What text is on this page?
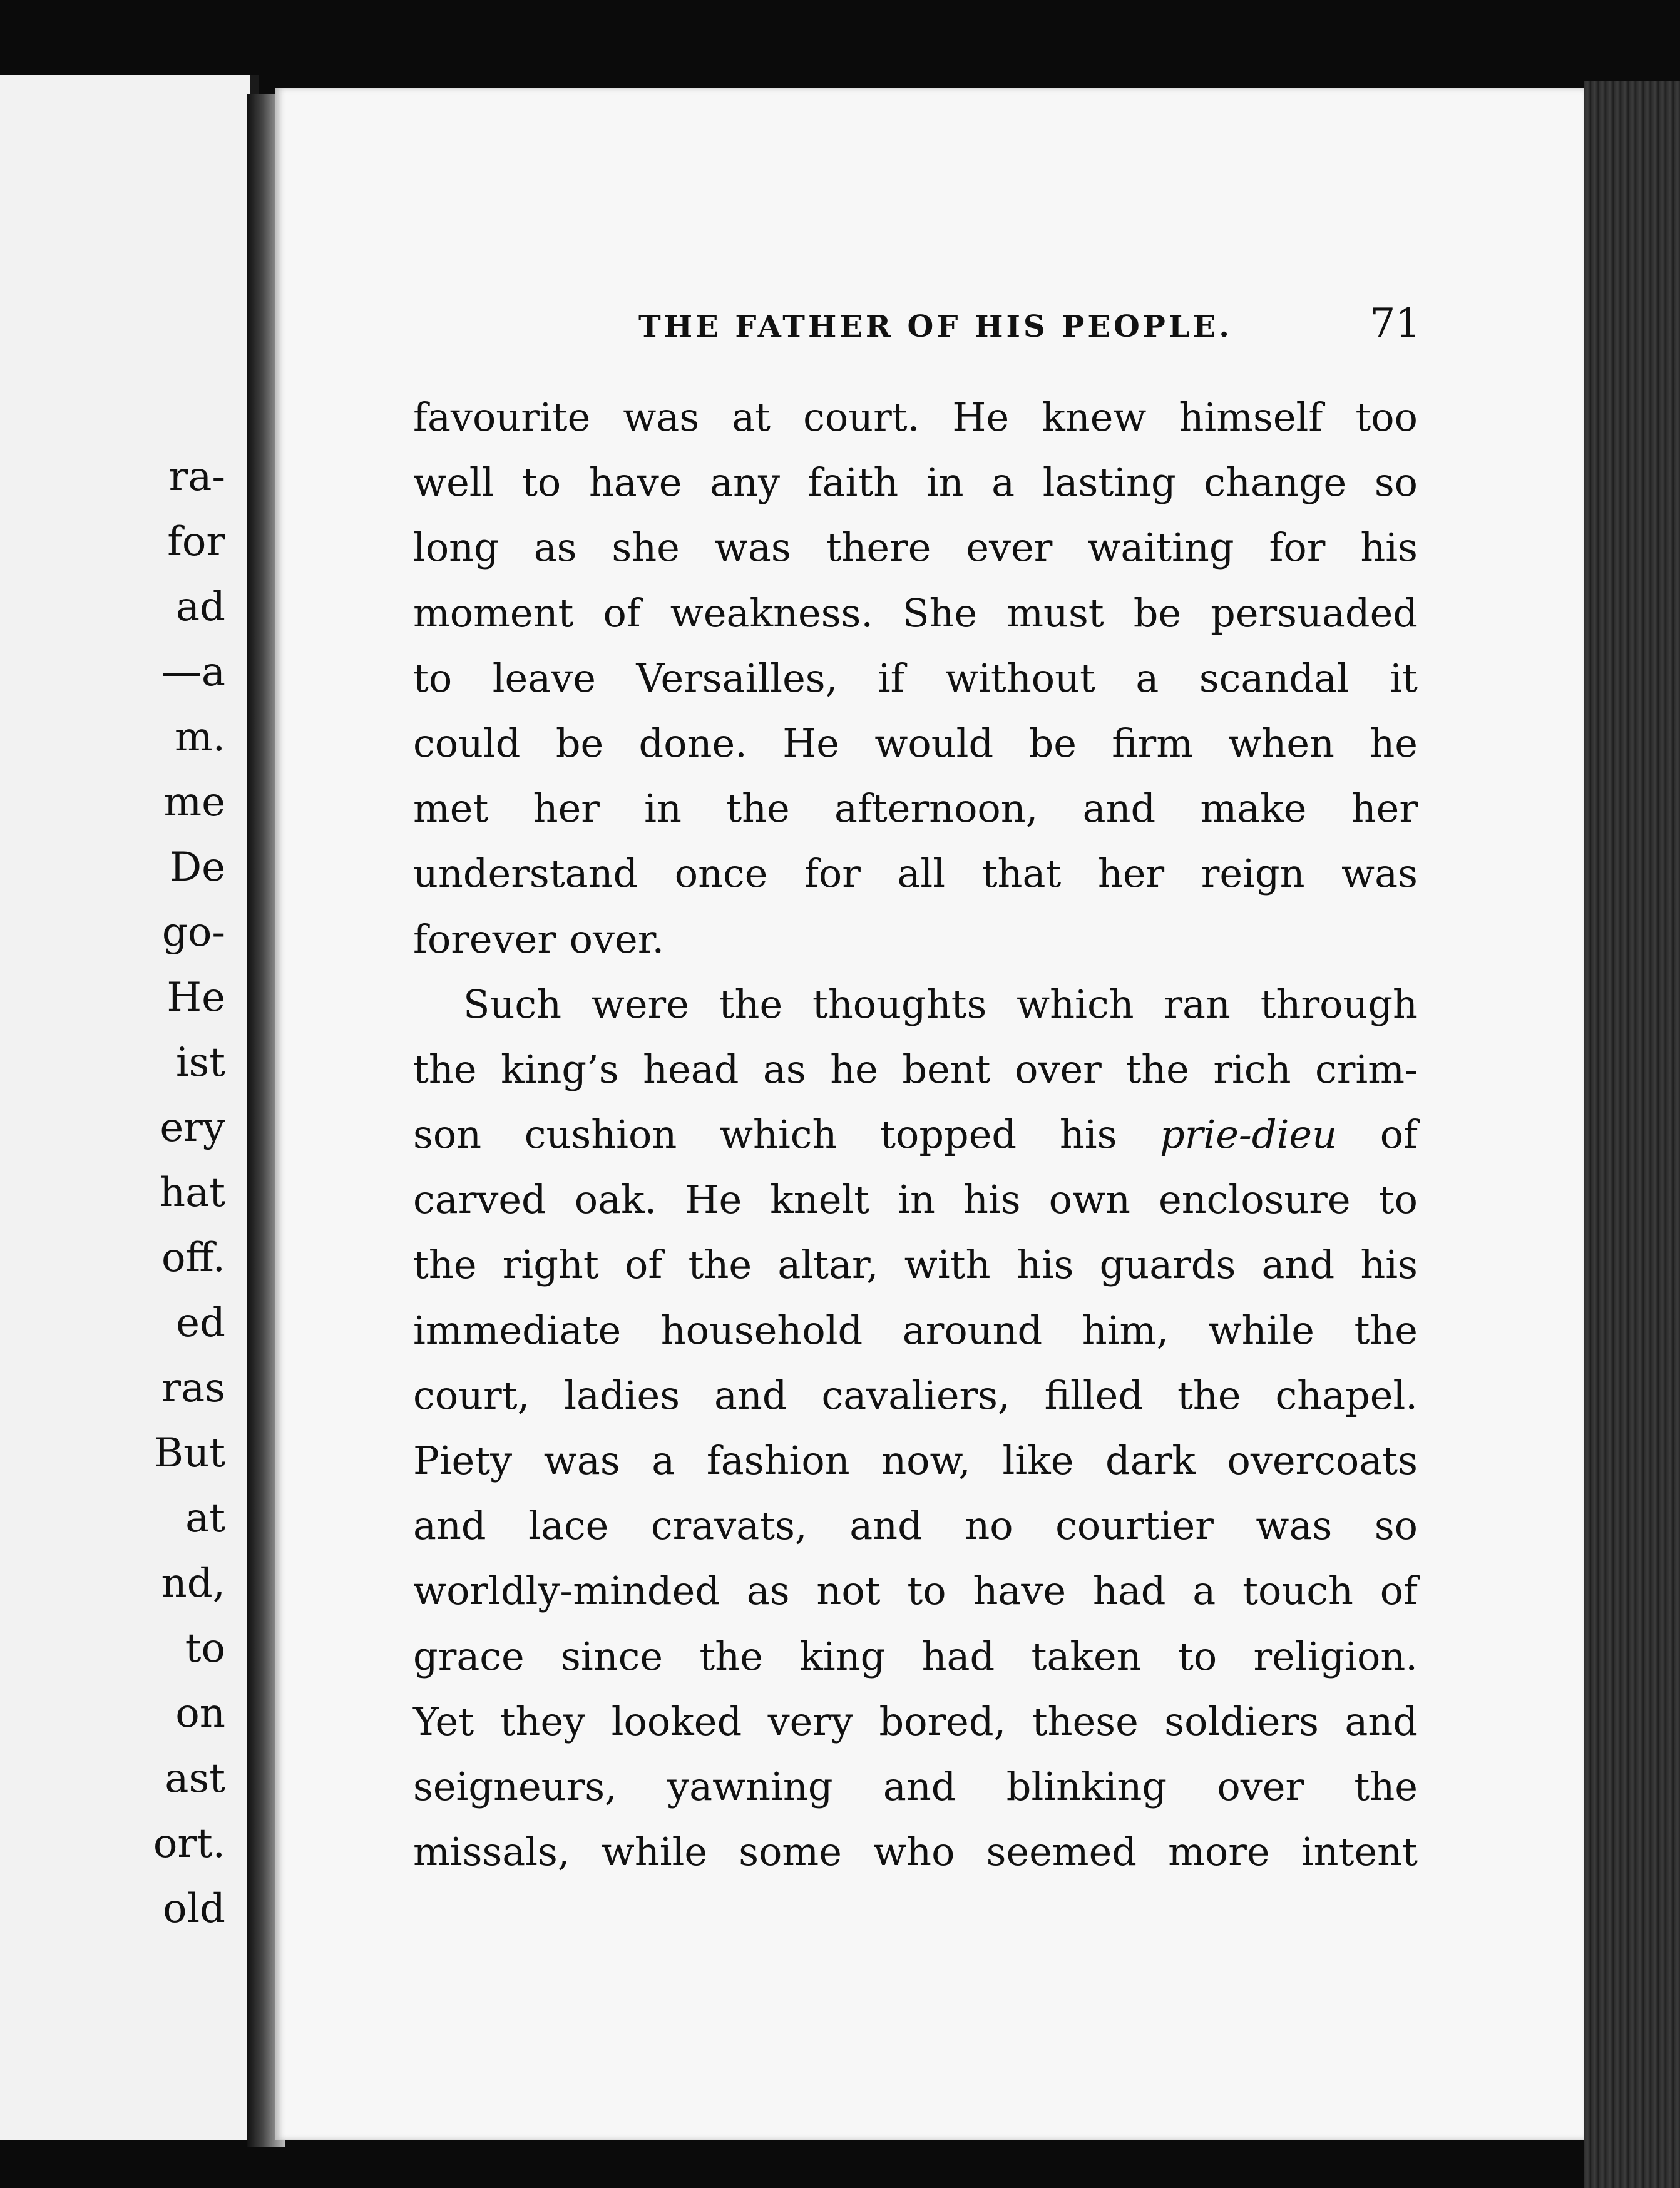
ra-
for
ad
—a
m.
me
De
go-
He
ist
ery
hat
off.
ed
ras
But
at
nd,
to
on
ast
ort.
old
THE FATHER OF HIS PEOPLE.	71
favourite was at court. He knew himself too
well to have any faith in a lasting change so
long as she was there ever waiting for his
moment of weakness. She must be persuaded
to leave Versailles, if without a scandal it
could be done. He would be firm when he
met her in the afternoon, and make her
understand once for all that her reign was
forever over.
Such were the thoughts which ran through
the king’s head as he bent over the rich crim-
son cushion which topped his prie-dieu of
carved oak. He knelt in his own enclosure to
the right of the altar, with his guards and his
immediate household around him, while the
court, ladies and cavaliers, filled the chapel.
Piety was a fashion now, like dark overcoats
and lace cravats, and no courtier was so
worldly-minded as not to have had a touch of
grace since the king had taken to religion.
Yet they looked very bored, these soldiers and
seigneurs, yawning and blinking over the
missals, while some who seemed more intent
